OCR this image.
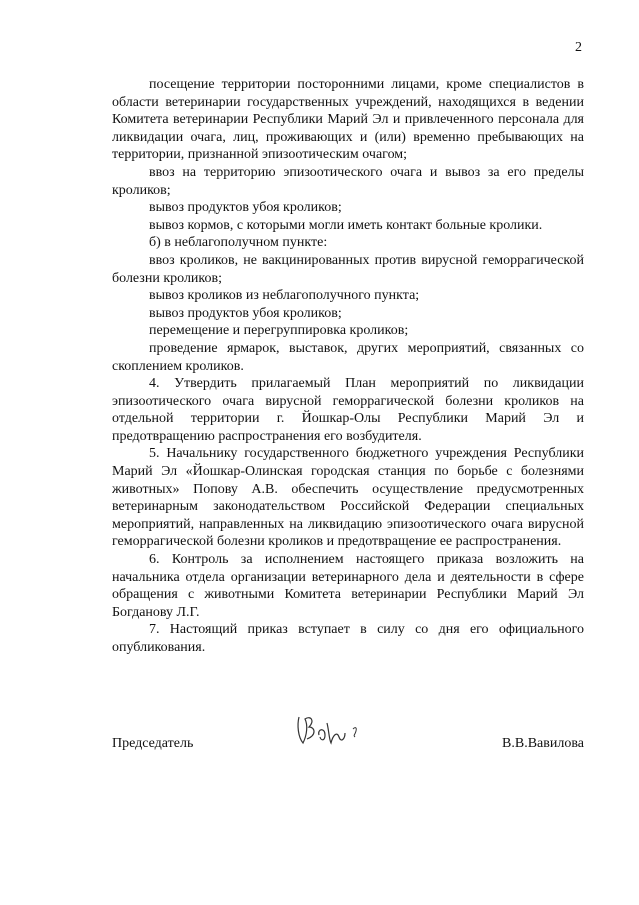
2

посещение территории посторонними лицами, кроме специалистов в области ветеринарии государственных учреждений, находящихся в ведении Комитета ветеринарии Республики Марий Эл и привлеченного персонала для ликвидации очага, лиц, проживающих и (или) временно пребывающих на территории, признанной эпизоотическим очагом;

ввоз на территорию эпизоотического очага и вывоз за его пределы кроликов;

вывоз продуктов убоя кроликов;

вывоз кормов, с которыми могли иметь контакт больные кролики.

б) в неблагополучном пункте:

ввоз кроликов, не вакцинированных против вирусной геморрагической болезни кроликов;

вывоз кроликов из неблагополучного пункта;

вывоз продуктов убоя кроликов;

перемещение и перегруппировка кроликов;

проведение ярмарок, выставок, других мероприятий, связанных со скоплением кроликов.

4. Утвердить прилагаемый План мероприятий по ликвидации эпизоотического очага вирусной геморрагической болезни кроликов на отдельной территории г. Йошкар-Олы Республики Марий Эл и предотвращению распространения его возбудителя.

5. Начальнику государственного бюджетного учреждения Республики Марий Эл «Йошкар-Олинская городская станция по борьбе с болезнями животных» Попову А.В. обеспечить осуществление предусмотренных ветеринарным законодательством Российской Федерации специальных мероприятий, направленных на ликвидацию эпизоотического очага вирусной геморрагической болезни кроликов и предотвращение ее распространения.

6. Контроль за исполнением настоящего приказа возложить на начальника отдела организации ветеринарного дела и деятельности в сфере обращения с животными Комитета ветеринарии Республики Марий Эл Богданову Л.Г.

7. Настоящий приказ вступает в силу со дня его официального опубликования.

Председатель	В.В.Вавилова
